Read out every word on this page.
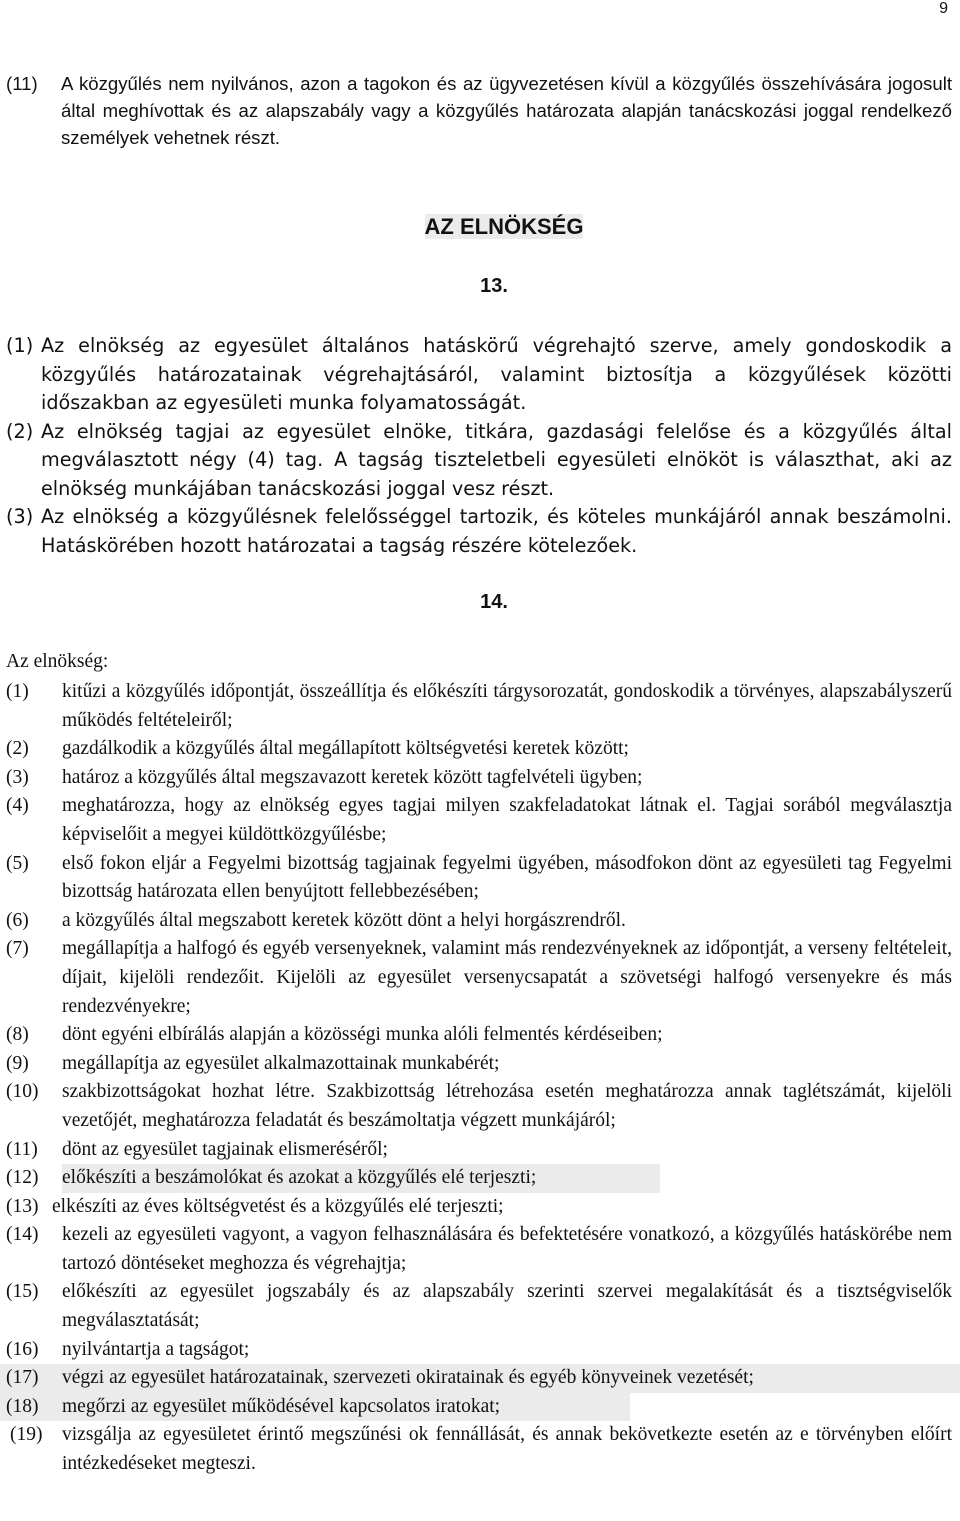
9
(11) A közgyűlés nem nyilvános, azon a tagokon és az ügyvezetésen kívül a közgyűlés összehívására jogosult által meghívottak és az alapszabály vagy a közgyűlés határozata alapján tanácskozási joggal rendelkező személyek vehetnek részt.
AZ ELNÖKSÉG
13.
(1) Az elnökség az egyesület általános hatáskörű végrehajtó szerve, amely gondoskodik a közgyűlés határozatainak végrehajtásáról, valamint biztosítja a közgyűlések közötti időszakban az egyesületi munka folyamatosságát.
(2) Az elnökség tagjai az egyesület elnöke, titkára, gazdasági felelőse és a közgyűlés által megválasztott négy (4) tag. A tagság tiszteletbeli egyesületi elnököt is választhat, aki az elnökség munkájában tanácskozási joggal vesz részt.
(3) Az elnökség a közgyűlésnek felelősséggel tartozik, és köteles munkájáról annak beszámolni. Hatáskörében hozott határozatai a tagság részére kötelezőek.
14.
Az elnökség:
(1) kitűzi a közgyűlés időpontját, összeállítja és előkészíti tárgysorozatát, gondoskodik a törvényes, alapszabályszerű működés feltételeiről;
(2) gazdálkodik a közgyűlés által megállapított költségvetési keretek között;
(3) határoz a közgyűlés által megszavazott keretek között tagfelvételi ügyben;
(4) meghatározza, hogy az elnökség egyes tagjai milyen szakfeladatokat látnak el. Tagjai sorából megválasztja képviselőit a megyei küldöttközgyűlésbe;
(5) első fokon eljár a Fegyelmi bizottság tagjainak fegyelmi ügyében, másodfokon dönt az egyesületi tag Fegyelmi bizottság határozata ellen benyújtott fellebbezésében;
(6) a közgyűlés által megszabott keretek között dönt a helyi horgászrendről.
(7) megállapítja a halfogó és egyéb versenyeknek, valamint más rendezvényeknek az időpontját, a verseny feltételeit, díjait, kijelöli rendezőit. Kijelöli az egyesület versenycsapatát a szövetségi halfogó versenyekre és más rendezvényekre;
(8) dönt egyéni elbírálás alapján a közösségi munka alóli felmentés kérdéseiben;
(9) megállapítja az egyesület alkalmazottainak munkabérét;
(10) szakbizottságokat hozhat létre. Szakbizottság létrehozása esetén meghatározza annak taglétszámát, kijelöli vezetőjét, meghatározza feladatát és beszámoltatja végzett munkájáról;
(11) dönt az egyesület tagjainak elismeréséről;
(12) előkészíti a beszámolókat és azokat a közgyűlés elé terjeszti;
(13) elkészíti az éves költségvetést és a közgyűlés elé terjeszti;
(14) kezeli az egyesületi vagyont, a vagyon felhasználására és befektetésére vonatkozó, a közgyűlés hatáskörébe nem tartozó döntéseket meghozza és végrehajtja;
(15) előkészíti az egyesület jogszabály és az alapszabály szerinti szervei megalakítását és a tisztségviselők megválasztatását;
(16) nyilvántartja a tagságot;
(17) végzi az egyesület határozatainak, szervezeti okiratainak és egyéb könyveinek vezetését;
(18) megőrzi az egyesület működésével kapcsolatos iratokat;
(19) vizsgálja az egyesületet érintő megszűnési ok fennállását, és annak bekövetkezte esetén az e törvényben előírt intézkedéseket megteszi.
